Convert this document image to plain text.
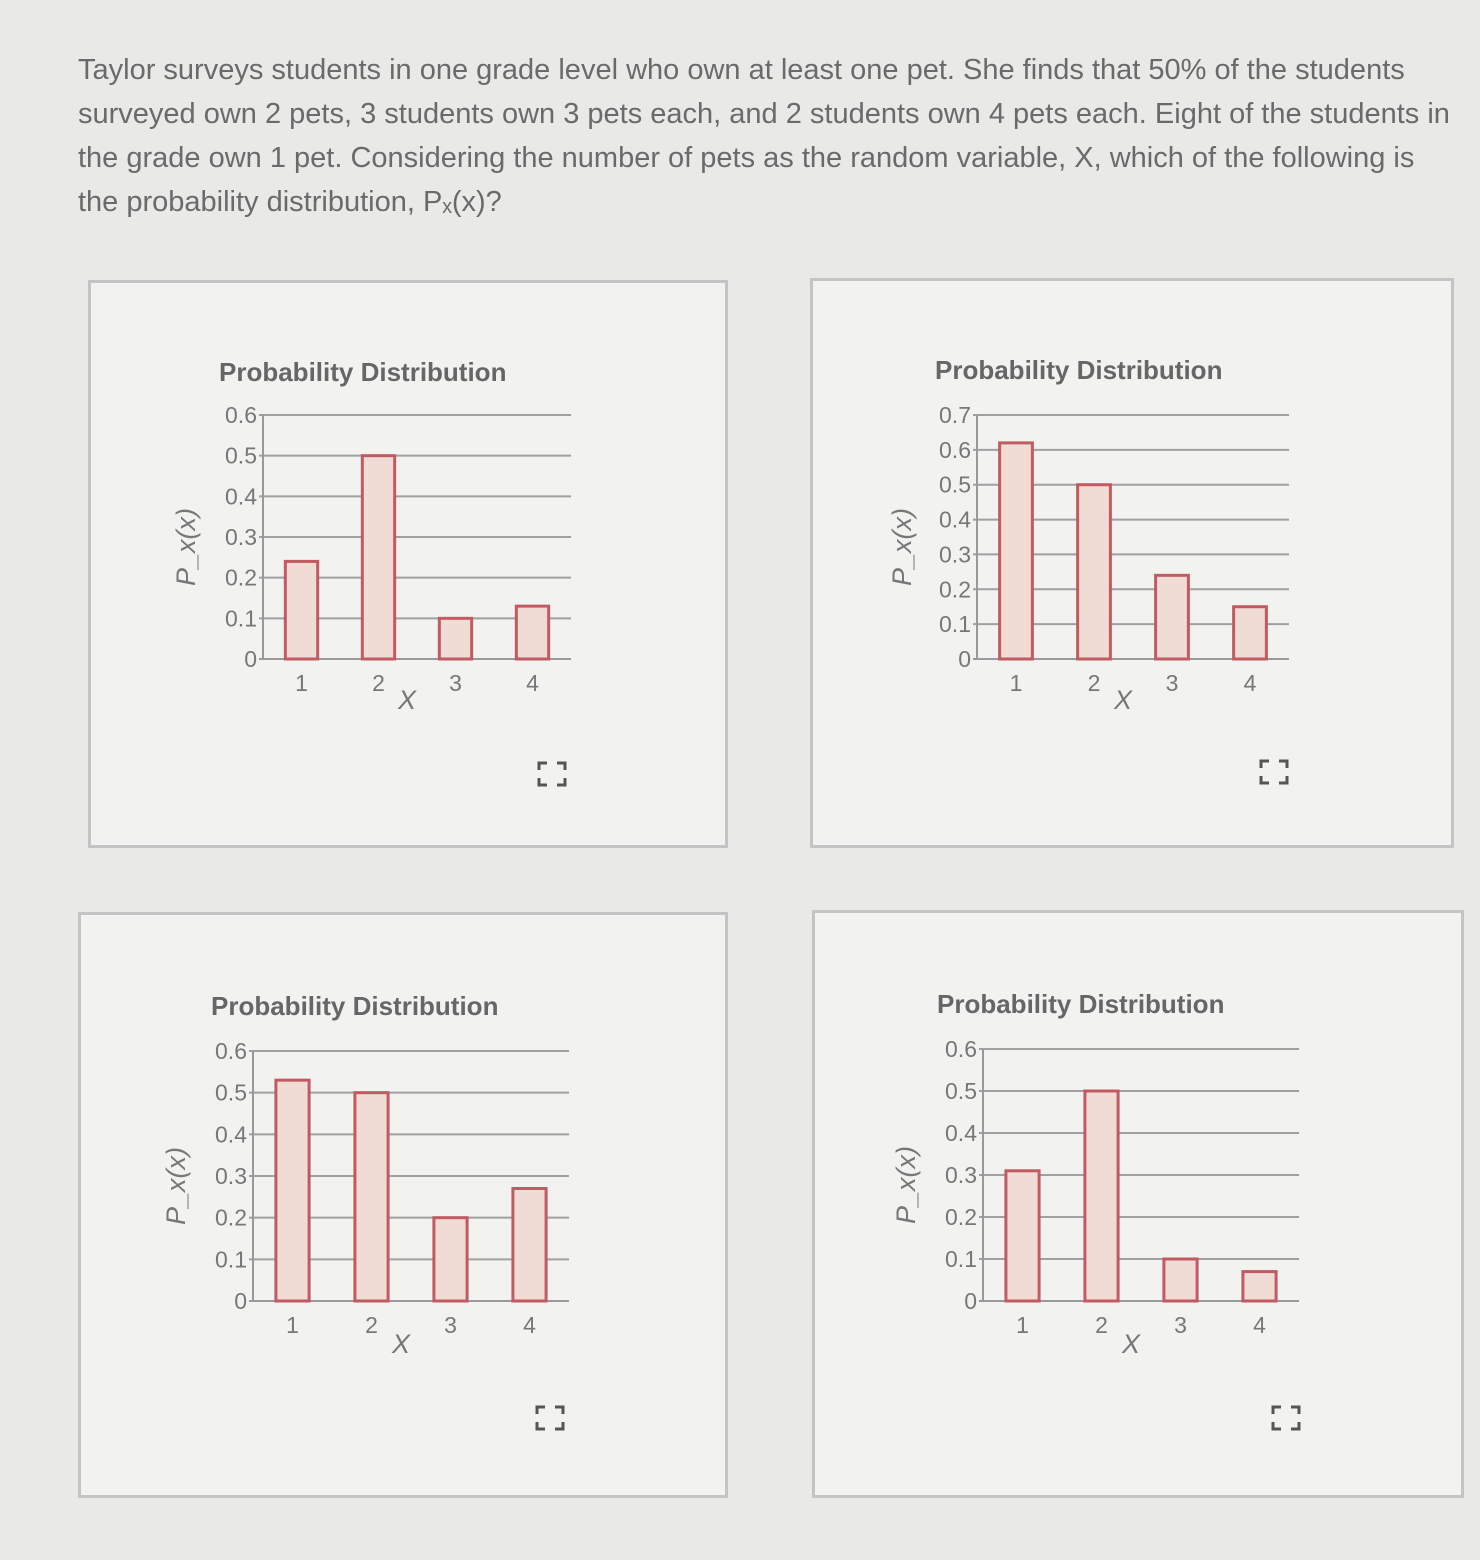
Taylor surveys students in one grade level who own at least one pet. She finds that 50% of the students surveyed own 2 pets, 3 students own 3 pets each, and 2 students own 4 pets each. Eight of the students in the grade own 1 pet. Considering the number of pets as the random variable, X, which of the following is the probability distribution, Pₓ(x)?

Probability Distribution
0
0.1
0.2
0.3
0.4
0.5
0.6
1	2	3	4
X
P_x(x)
Probability Distribution
0
0.1
0.2
0.3
0.4
0.5
0.6
0.7
1	2	3	4
X
P_x(x)
Probability Distribution
0
0.1
0.2
0.3
0.4
0.5
0.6
1	2	3	4
X
P_x(x)
Probability Distribution
0
0.1
0.2
0.3
0.4
0.5
0.6
1	2	3	4
X
P_x(x)
